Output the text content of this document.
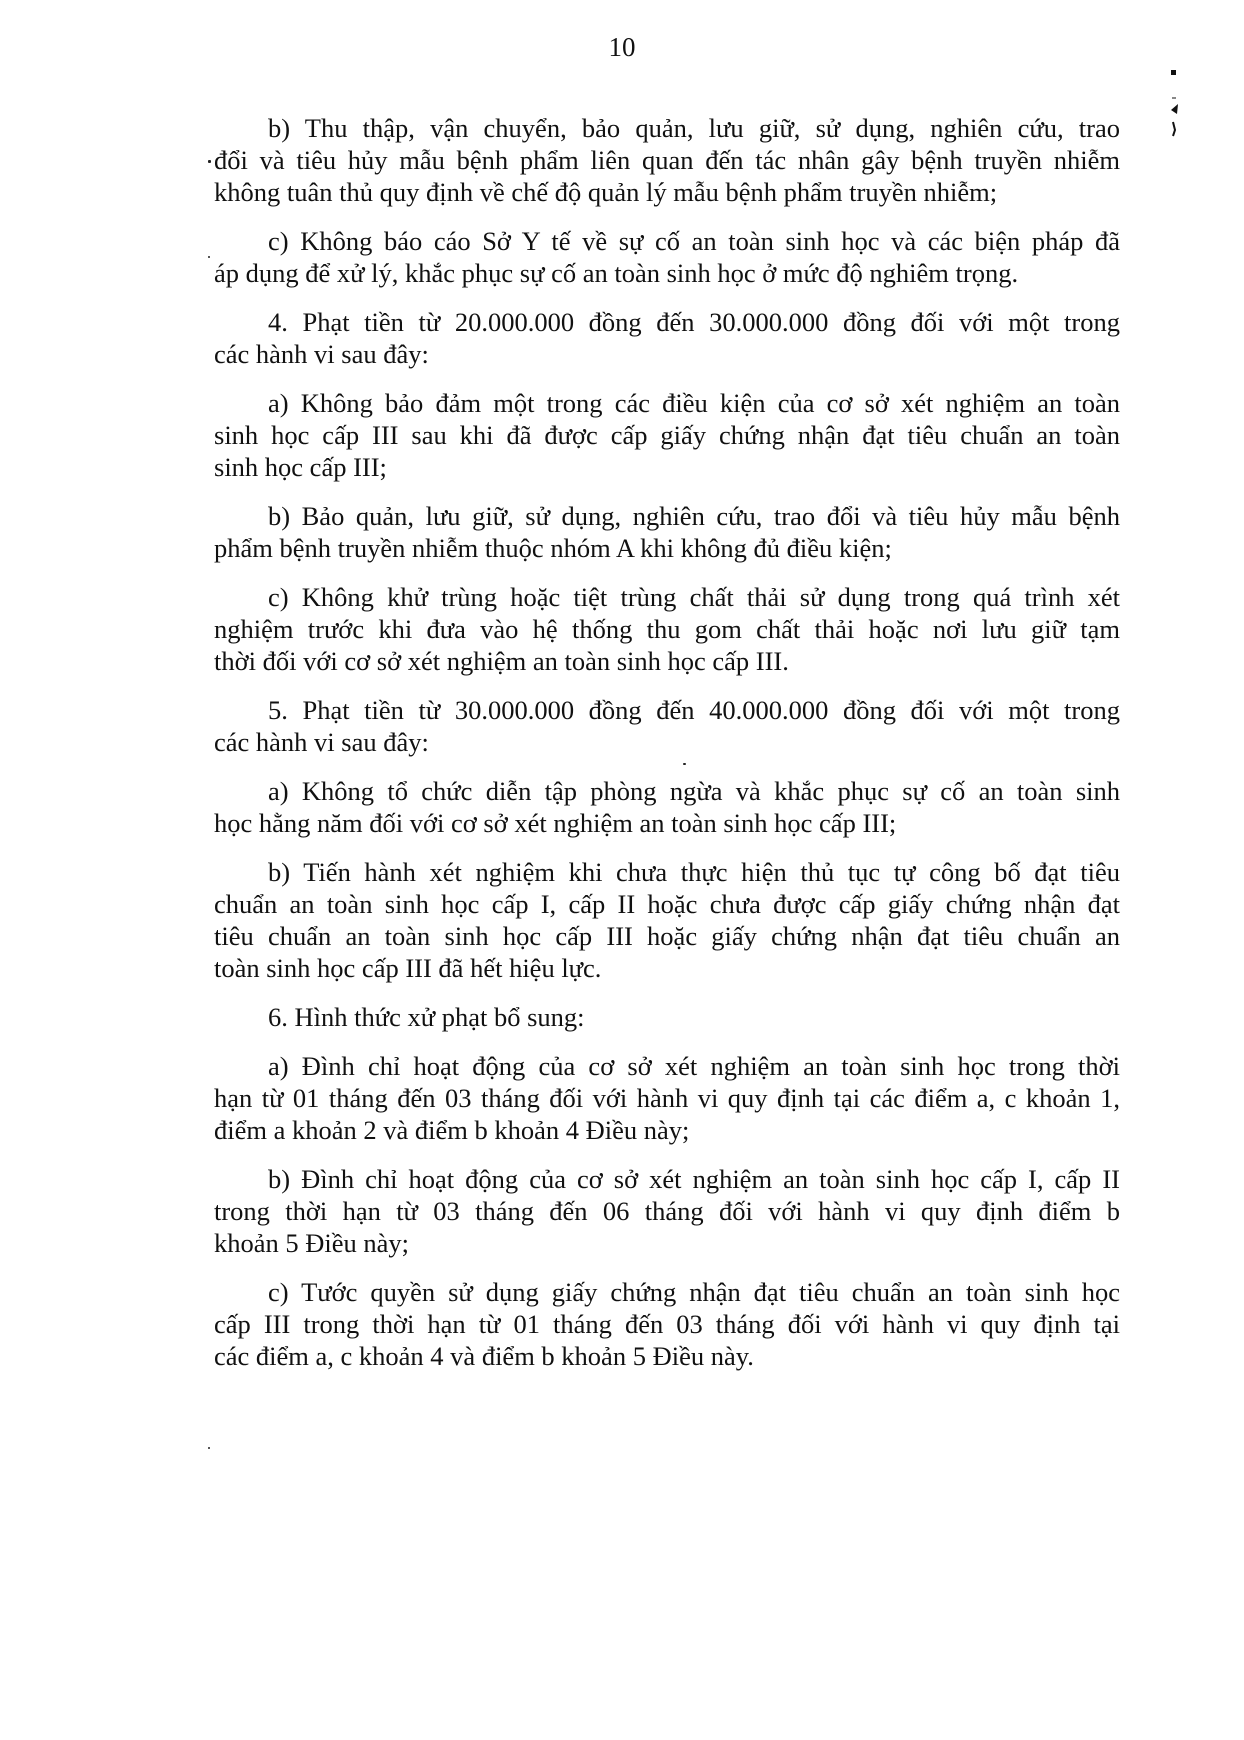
10
b) Thu thập, vận chuyển, bảo quản, lưu giữ, sử dụng, nghiên cứu, trao
đổi và tiêu hủy mẫu bệnh phẩm liên quan đến tác nhân gây bệnh truyền nhiễm
không tuân thủ quy định về chế độ quản lý mẫu bệnh phẩm truyền nhiễm;
c) Không báo cáo Sở Y tế về sự cố an toàn sinh học và các biện pháp đã
áp dụng để xử lý, khắc phục sự cố an toàn sinh học ở mức độ nghiêm trọng.
4. Phạt tiền từ 20.000.000 đồng đến 30.000.000 đồng đối với một trong
các hành vi sau đây:
a) Không bảo đảm một trong các điều kiện của cơ sở xét nghiệm an toàn
sinh học cấp III sau khi đã được cấp giấy chứng nhận đạt tiêu chuẩn an toàn
sinh học cấp III;
b) Bảo quản, lưu giữ, sử dụng, nghiên cứu, trao đổi và tiêu hủy mẫu bệnh
phẩm bệnh truyền nhiễm thuộc nhóm A khi không đủ điều kiện;
c) Không khử trùng hoặc tiệt trùng chất thải sử dụng trong quá trình xét
nghiệm trước khi đưa vào hệ thống thu gom chất thải hoặc nơi lưu giữ tạm
thời đối với cơ sở xét nghiệm an toàn sinh học cấp III.
5. Phạt tiền từ 30.000.000 đồng đến 40.000.000 đồng đối với một trong
các hành vi sau đây:
a) Không tổ chức diễn tập phòng ngừa và khắc phục sự cố an toàn sinh
học hằng năm đối với cơ sở xét nghiệm an toàn sinh học cấp III;
b) Tiến hành xét nghiệm khi chưa thực hiện thủ tục tự công bố đạt tiêu
chuẩn an toàn sinh học cấp I, cấp II hoặc chưa được cấp giấy chứng nhận đạt
tiêu chuẩn an toàn sinh học cấp III hoặc giấy chứng nhận đạt tiêu chuẩn an
toàn sinh học cấp III đã hết hiệu lực.
6. Hình thức xử phạt bổ sung:
a) Đình chỉ hoạt động của cơ sở xét nghiệm an toàn sinh học trong thời
hạn từ 01 tháng đến 03 tháng đối với hành vi quy định tại các điểm a, c khoản 1,
điểm a khoản 2 và điểm b khoản 4 Điều này;
b) Đình chỉ hoạt động của cơ sở xét nghiệm an toàn sinh học cấp I, cấp II
trong thời hạn từ 03 tháng đến 06 tháng đối với hành vi quy định điểm b
khoản 5 Điều này;
c) Tước quyền sử dụng giấy chứng nhận đạt tiêu chuẩn an toàn sinh học
cấp III trong thời hạn từ 01 tháng đến 03 tháng đối với hành vi quy định tại
các điểm a, c khoản 4 và điểm b khoản 5 Điều này.
